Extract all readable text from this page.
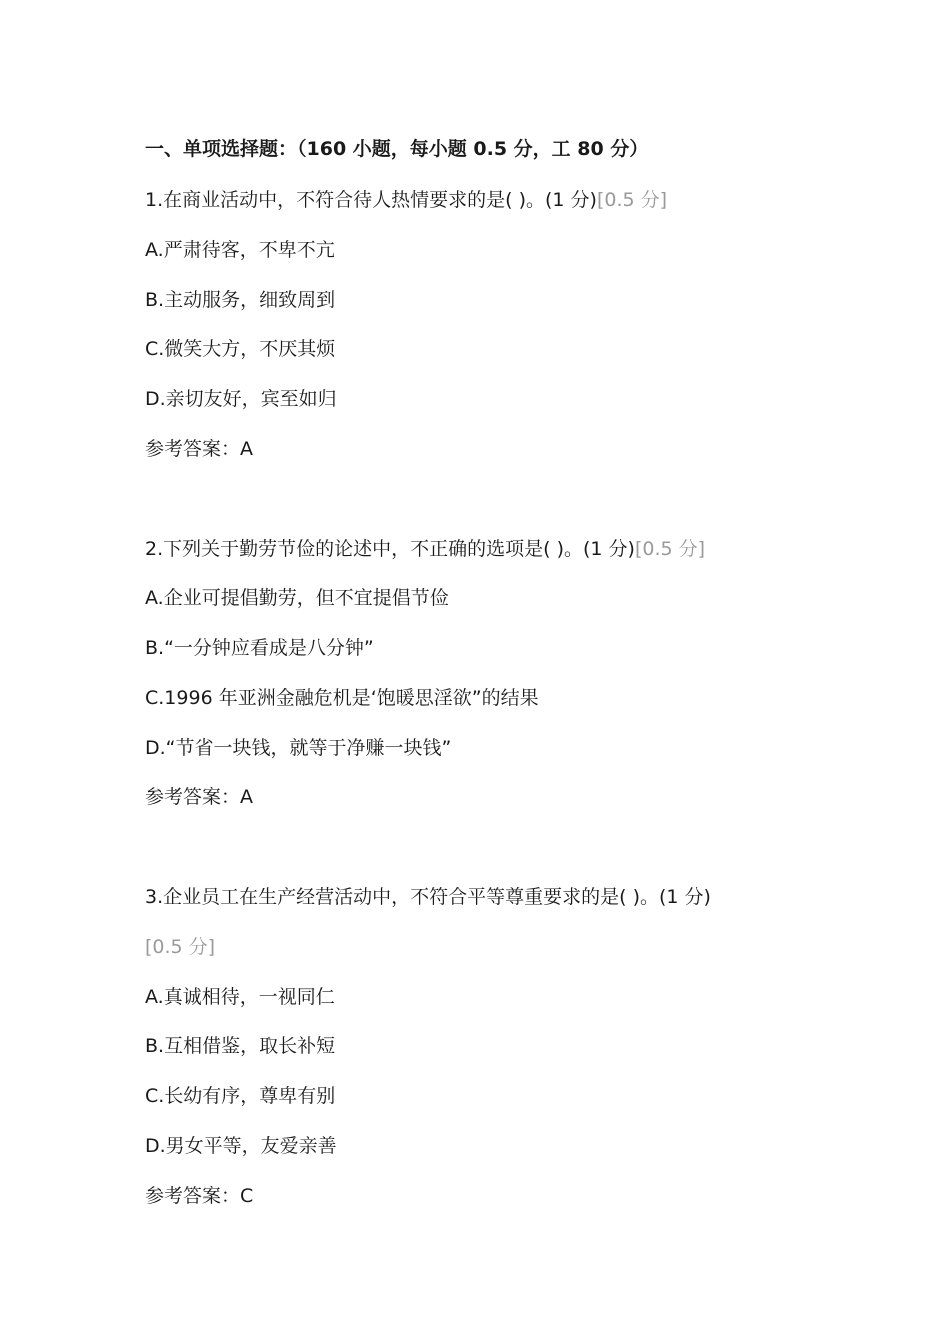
一、单项选择题：（160 小题，每小题 0.5 分，工 80 分）
1.在商业活动中，不符合待人热情要求的是( )。(1 分)[0.5 分]
A.严肃待客，不卑不亢
B.主动服务，细致周到
C.微笑大方，不厌其烦
D.亲切友好，宾至如归
参考答案：A
2.下列关于勤劳节俭的论述中，不正确的选项是( )。(1 分)[0.5 分]
A.企业可提倡勤劳，但不宜提倡节俭
B.“一分钟应看成是八分钟”
C.1996 年亚洲金融危机是‘饱暖思淫欲”的结果
D.“节省一块钱，就等于净赚一块钱”
参考答案：A
3.企业员工在生产经营活动中，不符合平等尊重要求的是( )。(1 分)
[0.5 分]
A.真诚相待，一视同仁
B.互相借鉴，取长补短
C.长幼有序，尊卑有别
D.男女平等，友爱亲善
参考答案：C
